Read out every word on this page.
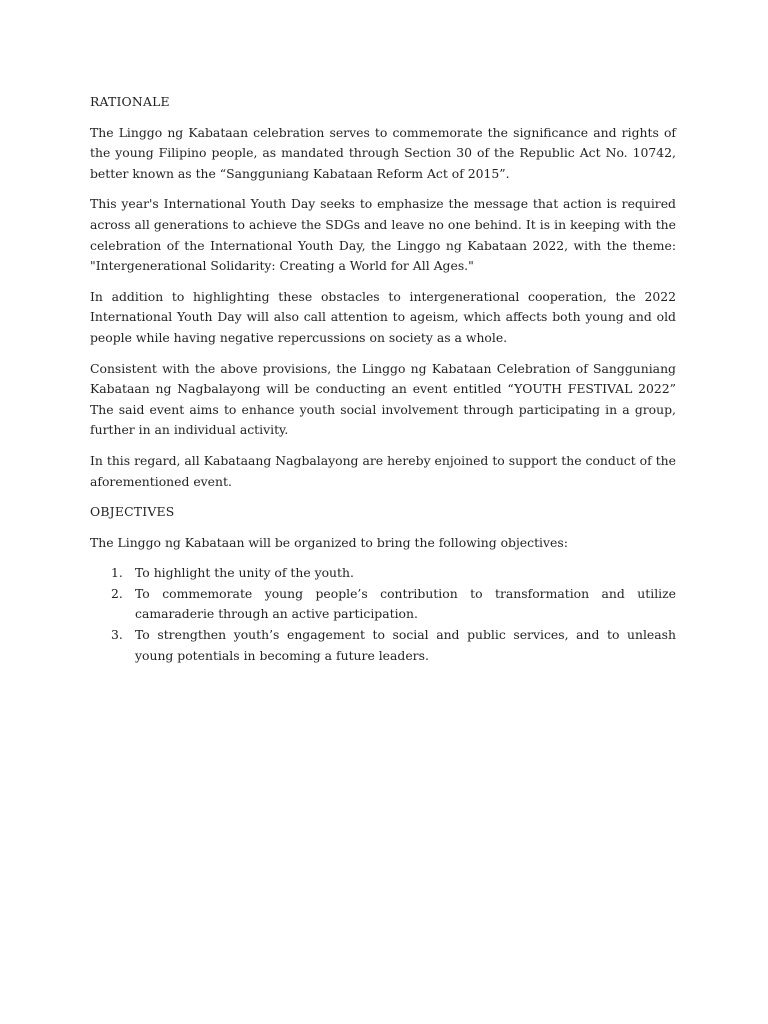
RATIONALE

The Linggo ng Kabataan celebration serves to commemorate the significance and rights of the young Filipino people, as mandated through Section 30 of the Republic Act No. 10742, better known as the “Sangguniang Kabataan Reform Act of 2015”.

This year's International Youth Day seeks to emphasize the message that action is required across all generations to achieve the SDGs and leave no one behind. It is in keeping with the celebration of the International Youth Day, the Linggo ng Kabataan 2022, with the theme: "Intergenerational Solidarity: Creating a World for All Ages."

In addition to highlighting these obstacles to intergenerational cooperation, the 2022 International Youth Day will also call attention to ageism, which affects both young and old people while having negative repercussions on society as a whole.

Consistent with the above provisions, the Linggo ng Kabataan Celebration of Sangguniang Kabataan ng Nagbalayong will be conducting an event entitled “YOUTH FESTIVAL 2022” The said event aims to enhance youth social involvement through participating in a group, further in an individual activity.

In this regard, all Kabataang Nagbalayong are hereby enjoined to support the conduct of the aforementioned event.

OBJECTIVES

The Linggo ng Kabataan will be organized to bring the following objectives:

1. To highlight the unity of the youth.
2. To commemorate young people’s contribution to transformation and utilize camaraderie through an active participation.
3. To strengthen youth’s engagement to social and public services, and to unleash young potentials in becoming a future leaders.
